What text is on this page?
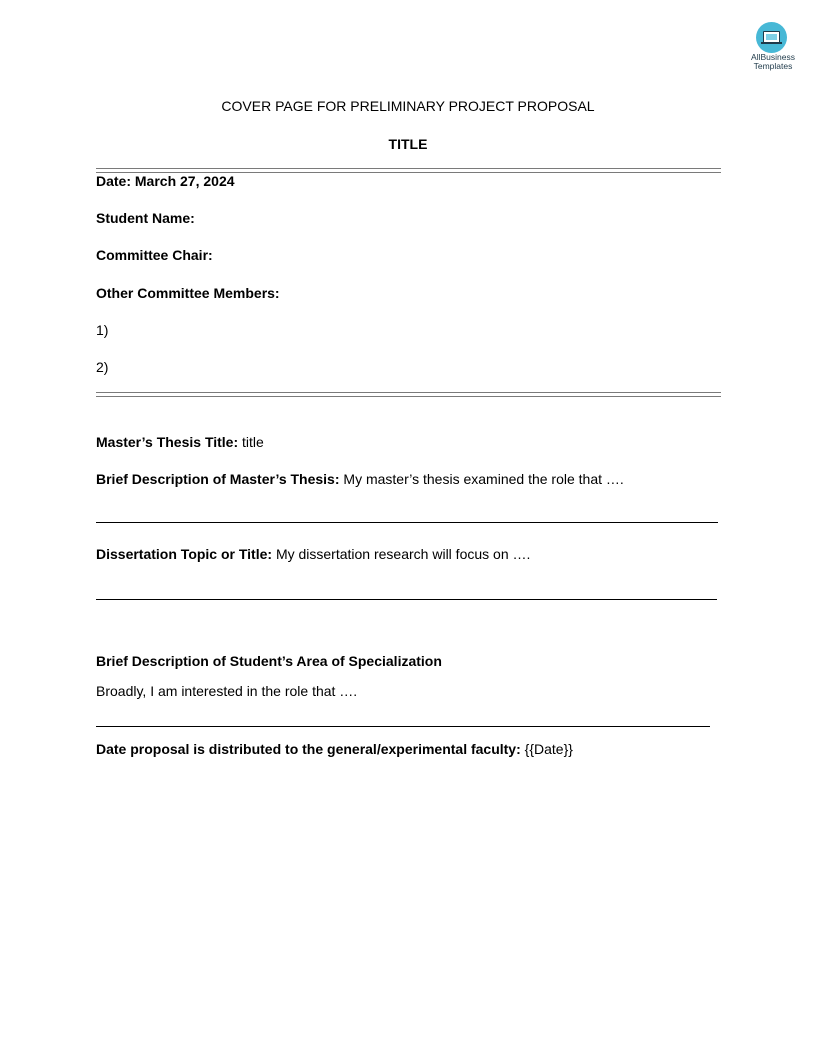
AllBusiness
Templates
COVER PAGE FOR PRELIMINARY PROJECT PROPOSAL
TITLE
Date: March 27, 2024
Student Name:
Committee Chair:
Other Committee Members:
1)
2)
Master’s Thesis Title: title
Brief Description of Master’s Thesis: My master’s thesis examined the role that ….
Dissertation Topic or Title: My dissertation research will focus on ….
Brief Description of Student’s Area of Specialization
Broadly, I am interested in the role that ….
Date proposal is distributed to the general/experimental faculty: {{Date}}
